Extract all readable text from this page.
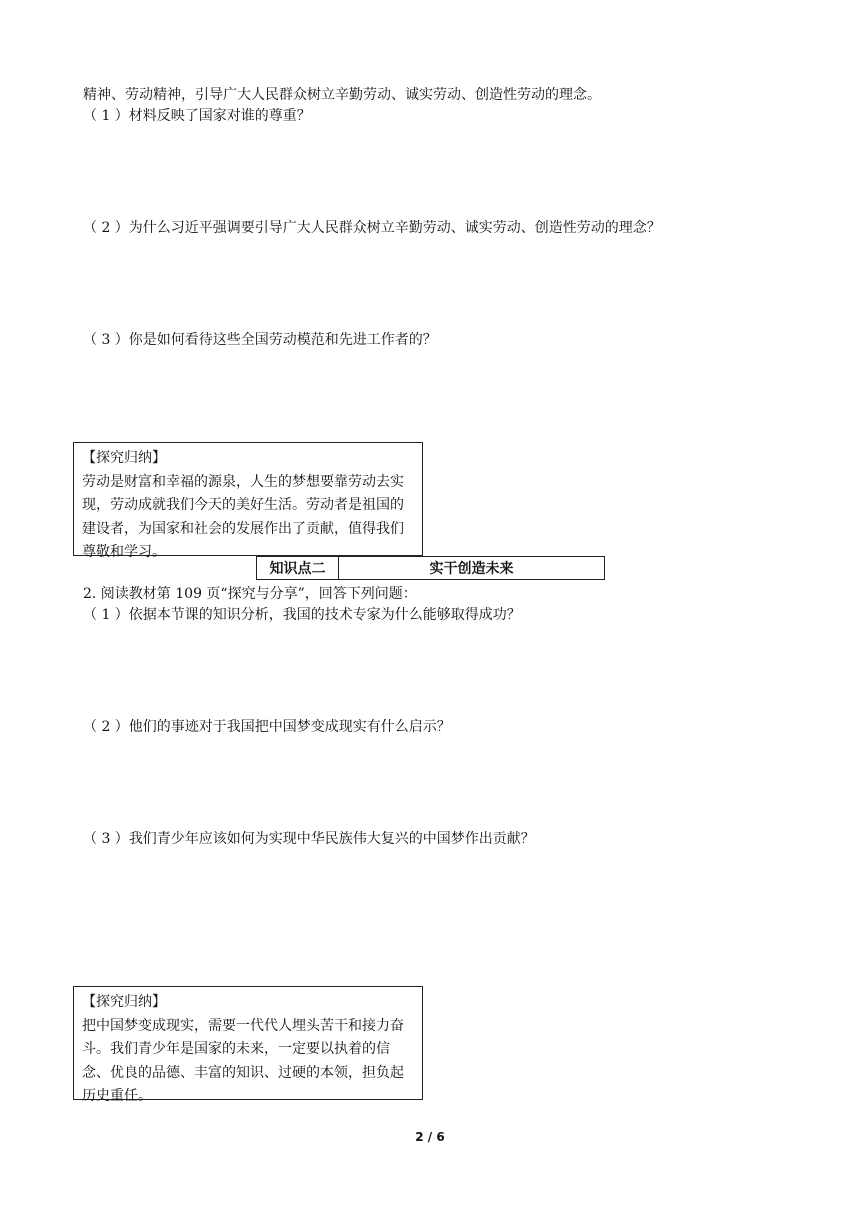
精神、劳动精神，引导广大人民群众树立辛勤劳动、诚实劳动、创造性劳动的理念。
（ 1 ）材料反映了国家对谁的尊重？
（ 2 ）为什么习近平强调要引导广大人民群众树立辛勤劳动、诚实劳动、创造性劳动的理念？
（ 3 ）你是如何看待这些全国劳动模范和先进工作者的？
【探究归纳】
劳动是财富和幸福的源泉，人生的梦想要靠劳动去实现，劳动成就我们今天的美好生活。劳动者是祖国的建设者，为国家和社会的发展作出了贡献，值得我们尊敬和学习。
知识点二	实干创造未来
2. 阅读教材第 109 页“探究与分享”，回答下列问题：
（ 1 ）依据本节课的知识分析，我国的技术专家为什么能够取得成功？
（ 2 ）他们的事迹对于我国把中国梦变成现实有什么启示？
（ 3 ）我们青少年应该如何为实现中华民族伟大复兴的中国梦作出贡献？
【探究归纳】
把中国梦变成现实，需要一代代人埋头苦干和接力奋斗。我们青少年是国家的未来，一定要以执着的信念、优良的品德、丰富的知识、过硬的本领，担负起历史重任。
2 / 6
